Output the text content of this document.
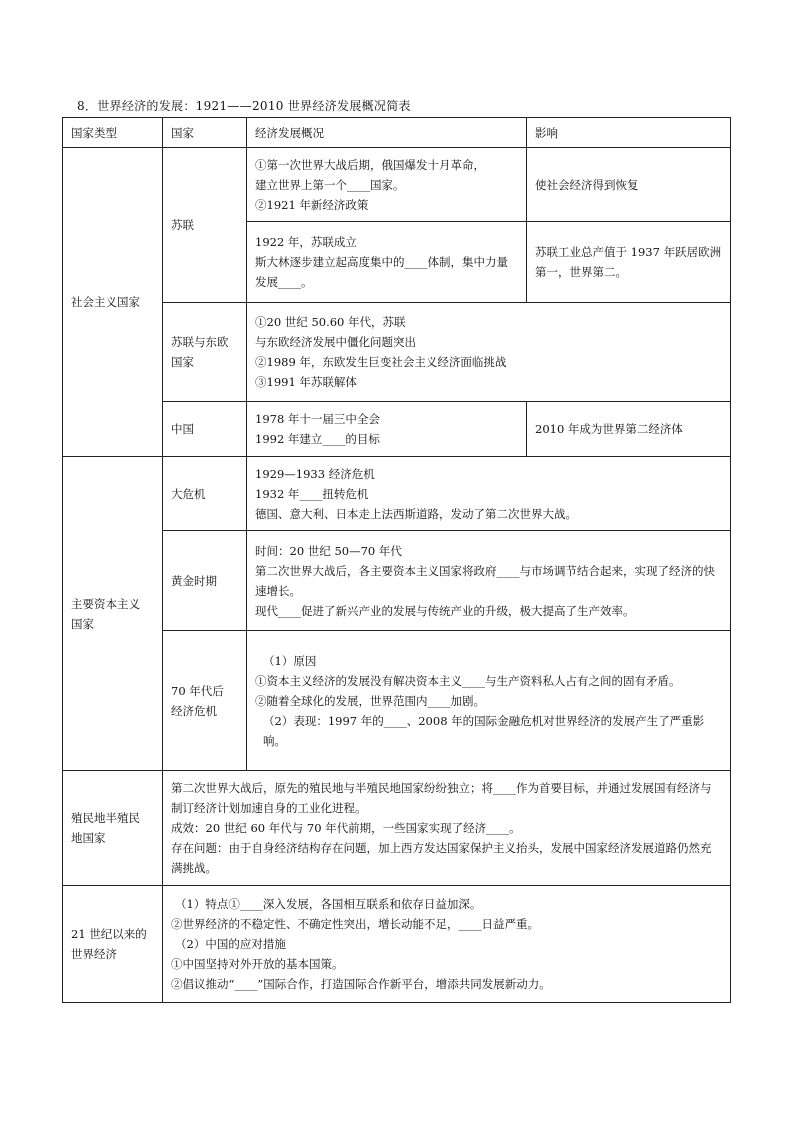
8．世界经济的发展：1921——2010 世界经济发展概况简表
国家类型	国家	经济发展概况	影响

社会主义国家	苏联	①第一次世界大战后期，俄国爆发十月革命，
建立世界上第一个____国家。
②1921 年新经济政策	使社会经济得到恢复

		1922 年，苏联成立
斯大林逐步建立起高度集中的____体制，集中力量发展____。	苏联工业总产值于 1937 年跃居欧洲第一，世界第二。

	苏联与东欧国家	①20 世纪 50.60 年代，苏联
与东欧经济发展中僵化问题突出
②1989 年，东欧发生巨变社会主义经济面临挑战
③1991 年苏联解体	

	中国	1978 年十一届三中全会
1992 年建立____的目标	2010 年成为世界第二经济体

主要资本主义国家	大危机	1929—1933 经济危机
1932 年____扭转危机
德国、意大利、日本走上法西斯道路，发动了第二次世界大战。	

	黄金时期	时间：20 世纪 50—70 年代
第二次世界大战后，各主要资本主义国家将政府____与市场调节结合起来，实现了经济的快速增长。
现代____促进了新兴产业的发展与传统产业的升级，极大提高了生产效率。	

	70 年代后经济危机	（1）原因
①资本主义经济的发展没有解决资本主义____与生产资料私人占有之间的固有矛盾。
②随着全球化的发展，世界范围内____加剧。
（2）表现：1997 年的____、2008 年的国际金融危机对世界经济的发展产生了严重影响。	

殖民地半殖民地国家	第二次世界大战后，原先的殖民地与半殖民地国家纷纷独立；将____作为首要目标，并通过发展国有经济与制订经济计划加速自身的工业化进程。
成效：20 世纪 60 年代与 70 年代前期，一些国家实现了经济____。
存在问题：由于自身经济结构存在问题，加上西方发达国家保护主义抬头，发展中国家经济发展道路仍然充满挑战。		

21 世纪以来的世界经济	（1）特点①____深入发展，各国相互联系和依存日益加深。
②世界经济的不稳定性、不确定性突出，增长动能不足，____日益严重。
（2）中国的应对措施
①中国坚持对外开放的基本国策。
②倡议推动“____”国际合作，打造国际合作新平台，增添共同发展新动力。		
